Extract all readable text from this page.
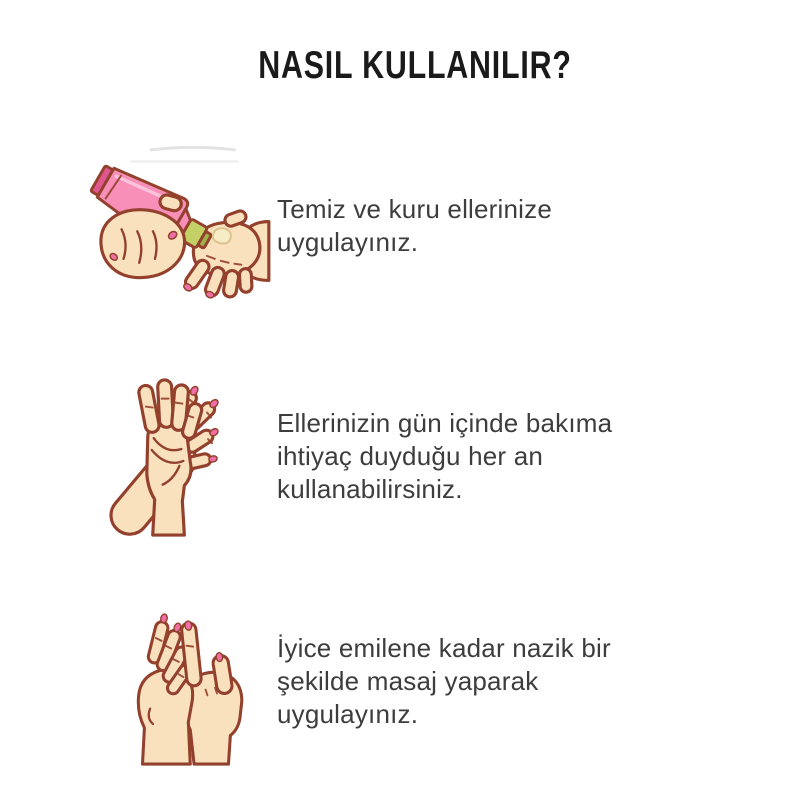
NASIL KULLANILIR?
Temiz ve kuru ellerinize
uygulayınız.
Ellerinizin gün içinde bakıma
ihtiyaç duyduğu her an
kullanabilirsiniz.
İyice emilene kadar nazik bir
şekilde masaj yaparak
uygulayınız.
